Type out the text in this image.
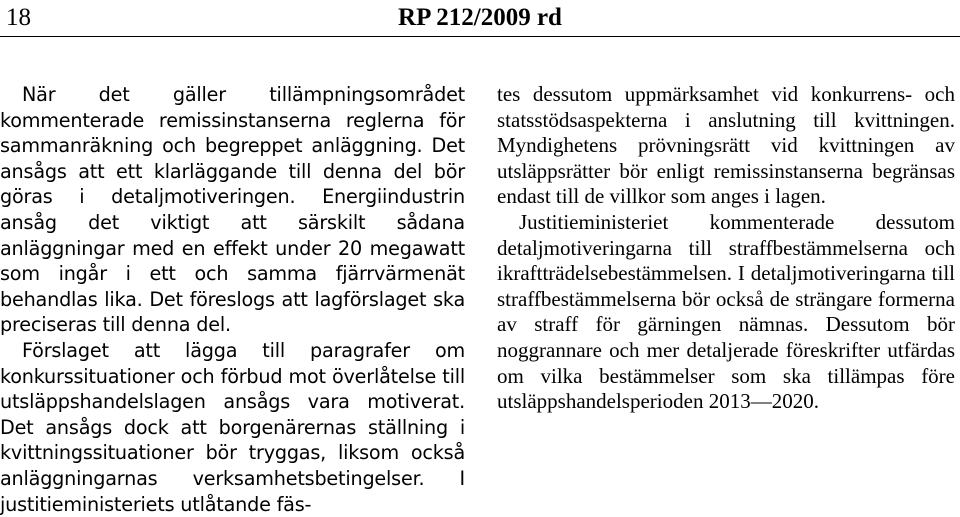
18	RP 212/2009 rd

När det gäller tillämpningsområdet kommenterade remissinstanserna reglerna för sammanräkning och begreppet anläggning. Det ansågs att ett klarläggande till denna del bör göras i detaljmotiveringen. Energiindustrin ansåg det viktigt att särskilt sådana anläggningar med en effekt under 20 megawatt som ingår i ett och samma fjärrvärmenät behandlas lika. Det föreslogs att lagförslaget ska preciseras till denna del.

Förslaget att lägga till paragrafer om konkurssituationer och förbud mot överlåtelse till utsläppshandelslagen ansågs vara motiverat. Det ansågs dock att borgenärernas ställning i kvittningssituationer bör tryggas, liksom också anläggningarnas verksamhetsbetingelser. I justitieministeriets utlåtande fäs-

tes dessutom uppmärksamhet vid konkurrens- och statsstödsaspekterna i anslutning till kvittningen. Myndighetens prövningsrätt vid kvittningen av utsläppsrätter bör enligt remissinstanserna begränsas endast till de villkor som anges i lagen.

Justitieministeriet kommenterade dessutom detaljmotiveringarna till straffbestämmelserna och ikraftträdelsebestämmelsen. I detaljmotiveringarna till straffbestämmelserna bör också de strängare formerna av straff för gärningen nämnas. Dessutom bör noggrannare och mer detaljerade föreskrifter utfärdas om vilka bestämmelser som ska tillämpas före utsläppshandelsperioden 2013—2020.
